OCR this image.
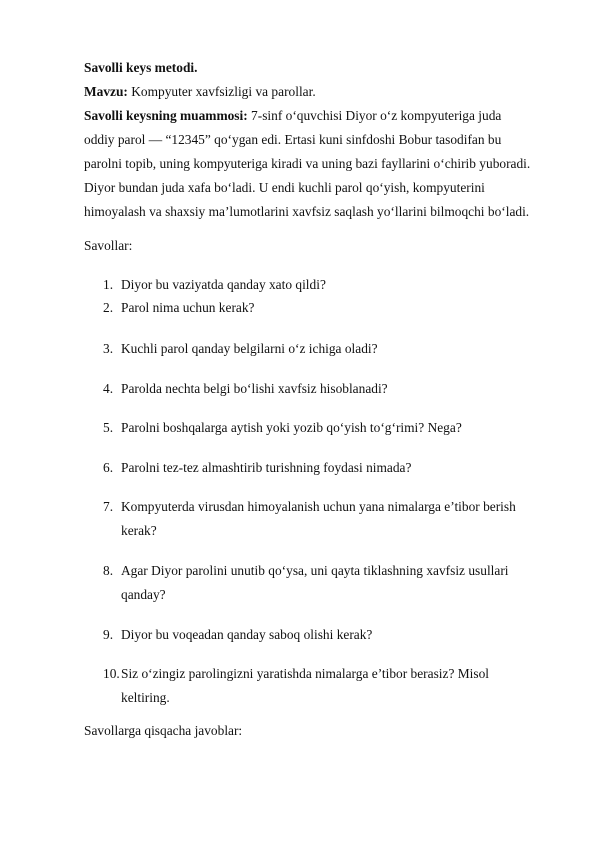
Savolli keys metodi.
Mavzu: Kompyuter xavfsizligi va parollar.
Savolli keysning muammosi: 7-sinf o‘quvchisi Diyor o‘z kompyuteriga juda
oddiy parol — “12345” qo‘ygan edi. Ertasi kuni sinfdoshi Bobur tasodifan bu
parolni topib, uning kompyuteriga kiradi va uning bazi fayllarini o‘chirib yuboradi.
Diyor bundan juda xafa bo‘ladi. U endi kuchli parol qo‘yish, kompyuterini
himoyalash va shaxsiy ma’lumotlarini xavfsiz saqlash yo‘llarini bilmoqchi bo‘ladi.
Savollar:
1. Diyor bu vaziyatda qanday xato qildi?
2. Parol nima uchun kerak?
3. Kuchli parol qanday belgilarni o‘z ichiga oladi?
4. Parolda nechta belgi bo‘lishi xavfsiz hisoblanadi?
5. Parolni boshqalarga aytish yoki yozib qo‘yish to‘g‘rimi? Nega?
6. Parolni tez-tez almashtirib turishning foydasi nimada?
7. Kompyuterda virusdan himoyalanish uchun yana nimalarga e’tibor berish
kerak?
8. Agar Diyor parolini unutib qo‘ysa, uni qayta tiklashning xavfsiz usullari
qanday?
9. Diyor bu voqeadan qanday saboq olishi kerak?
10. Siz o‘zingiz parolingizni yaratishda nimalarga e’tibor berasiz? Misol
keltiring.
Savollarga qisqacha javoblar:
